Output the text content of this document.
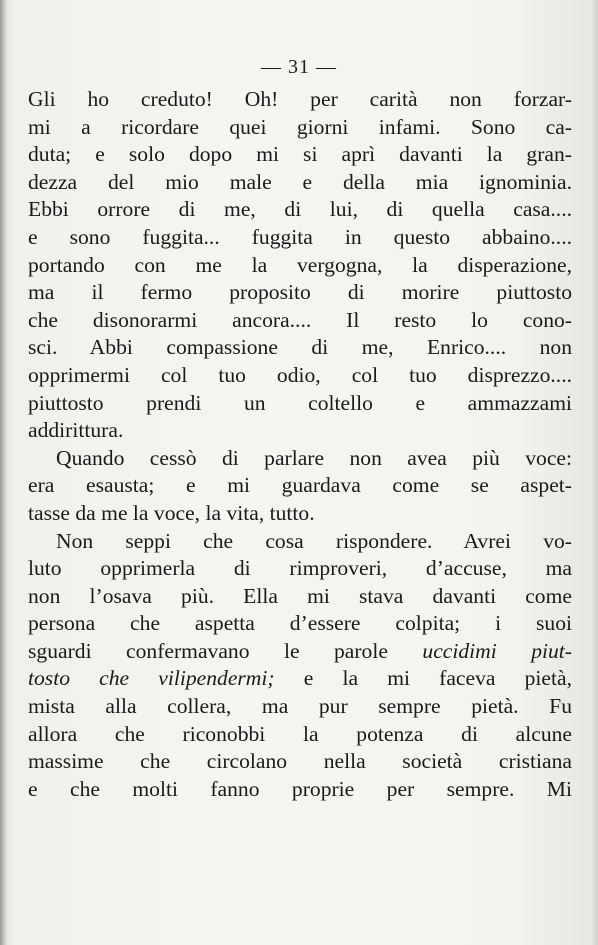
— 31 —
Gli ho creduto! Oh! per carità non forzar-
mi a ricordare quei giorni infami. Sono ca-
duta; e solo dopo mi si aprì davanti la gran-
dezza del mio male e della mia ignominia.
Ebbi orrore di me, di lui, di quella casa....
e sono fuggita... fuggita in questo abbaino....
portando con me la vergogna, la disperazione,
ma il fermo proposito di morire piuttosto
che disonorarmi ancora.... Il resto lo cono-
sci. Abbi compassione di me, Enrico.... non
opprimermi col tuo odio, col tuo disprezzo....
piuttosto prendi un coltello e ammazzami
addirittura.
Quando cessò di parlare non avea più voce:
era esausta; e mi guardava come se aspet-
tasse da me la voce, la vita, tutto.
Non seppi che cosa rispondere. Avrei vo-
luto opprimerla di rimproveri, d’accuse, ma
non l’osava più. Ella mi stava davanti come
persona che aspetta d’essere colpita; i suoi
sguardi confermavano le parole uccidimi piut-
tosto che vilipendermi; e la mi faceva pietà,
mista alla collera, ma pur sempre pietà. Fu
allora che riconobbi la potenza di alcune
massime che circolano nella società cristiana
e che molti fanno proprie per sempre. Mi
